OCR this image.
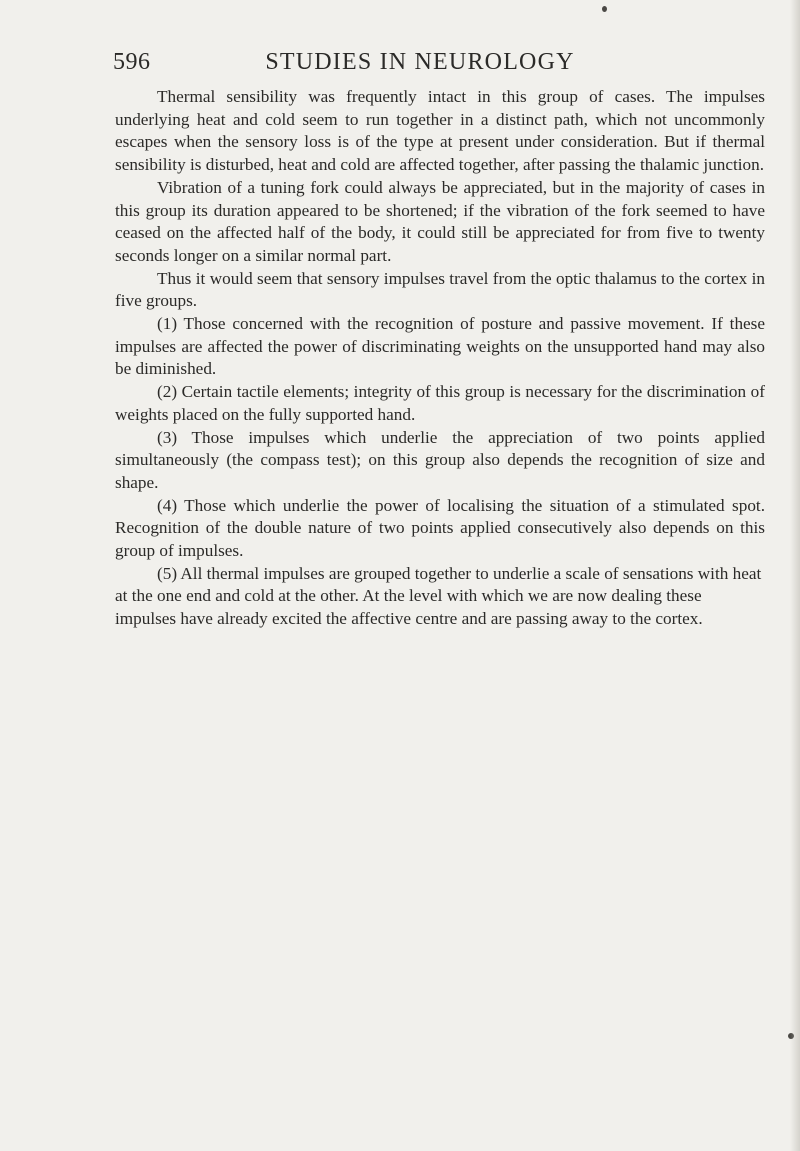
596	STUDIES IN NEUROLOGY

Thermal sensibility was frequently intact in this group of cases. The impulses underlying heat and cold seem to run together in a distinct path, which not uncommonly escapes when the sensory loss is of the type at present under consideration. But if thermal sensibility is disturbed, heat and cold are affected together, after passing the thalamic junction.

Vibration of a tuning fork could always be appreciated, but in the majority of cases in this group its duration appeared to be shortened; if the vibration of the fork seemed to have ceased on the affected half of the body, it could still be appreciated for from five to twenty seconds longer on a similar normal part.

Thus it would seem that sensory impulses travel from the optic thalamus to the cortex in five groups.

(1) Those concerned with the recognition of posture and passive movement. If these impulses are affected the power of discriminating weights on the unsupported hand may also be diminished.

(2) Certain tactile elements; integrity of this group is necessary for the discrimination of weights placed on the fully supported hand.

(3) Those impulses which underlie the appreciation of two points applied simultaneously (the compass test); on this group also depends the recognition of size and shape.

(4) Those which underlie the power of localising the situation of a stimulated spot. Recognition of the double nature of two points applied consecutively also depends on this group of impulses.

(5) All thermal impulses are grouped together to underlie a scale of sensations with heat at the one end and cold at the other. At the level with which we are now dealing these impulses have already excited the affective centre and are passing away to the cortex.
